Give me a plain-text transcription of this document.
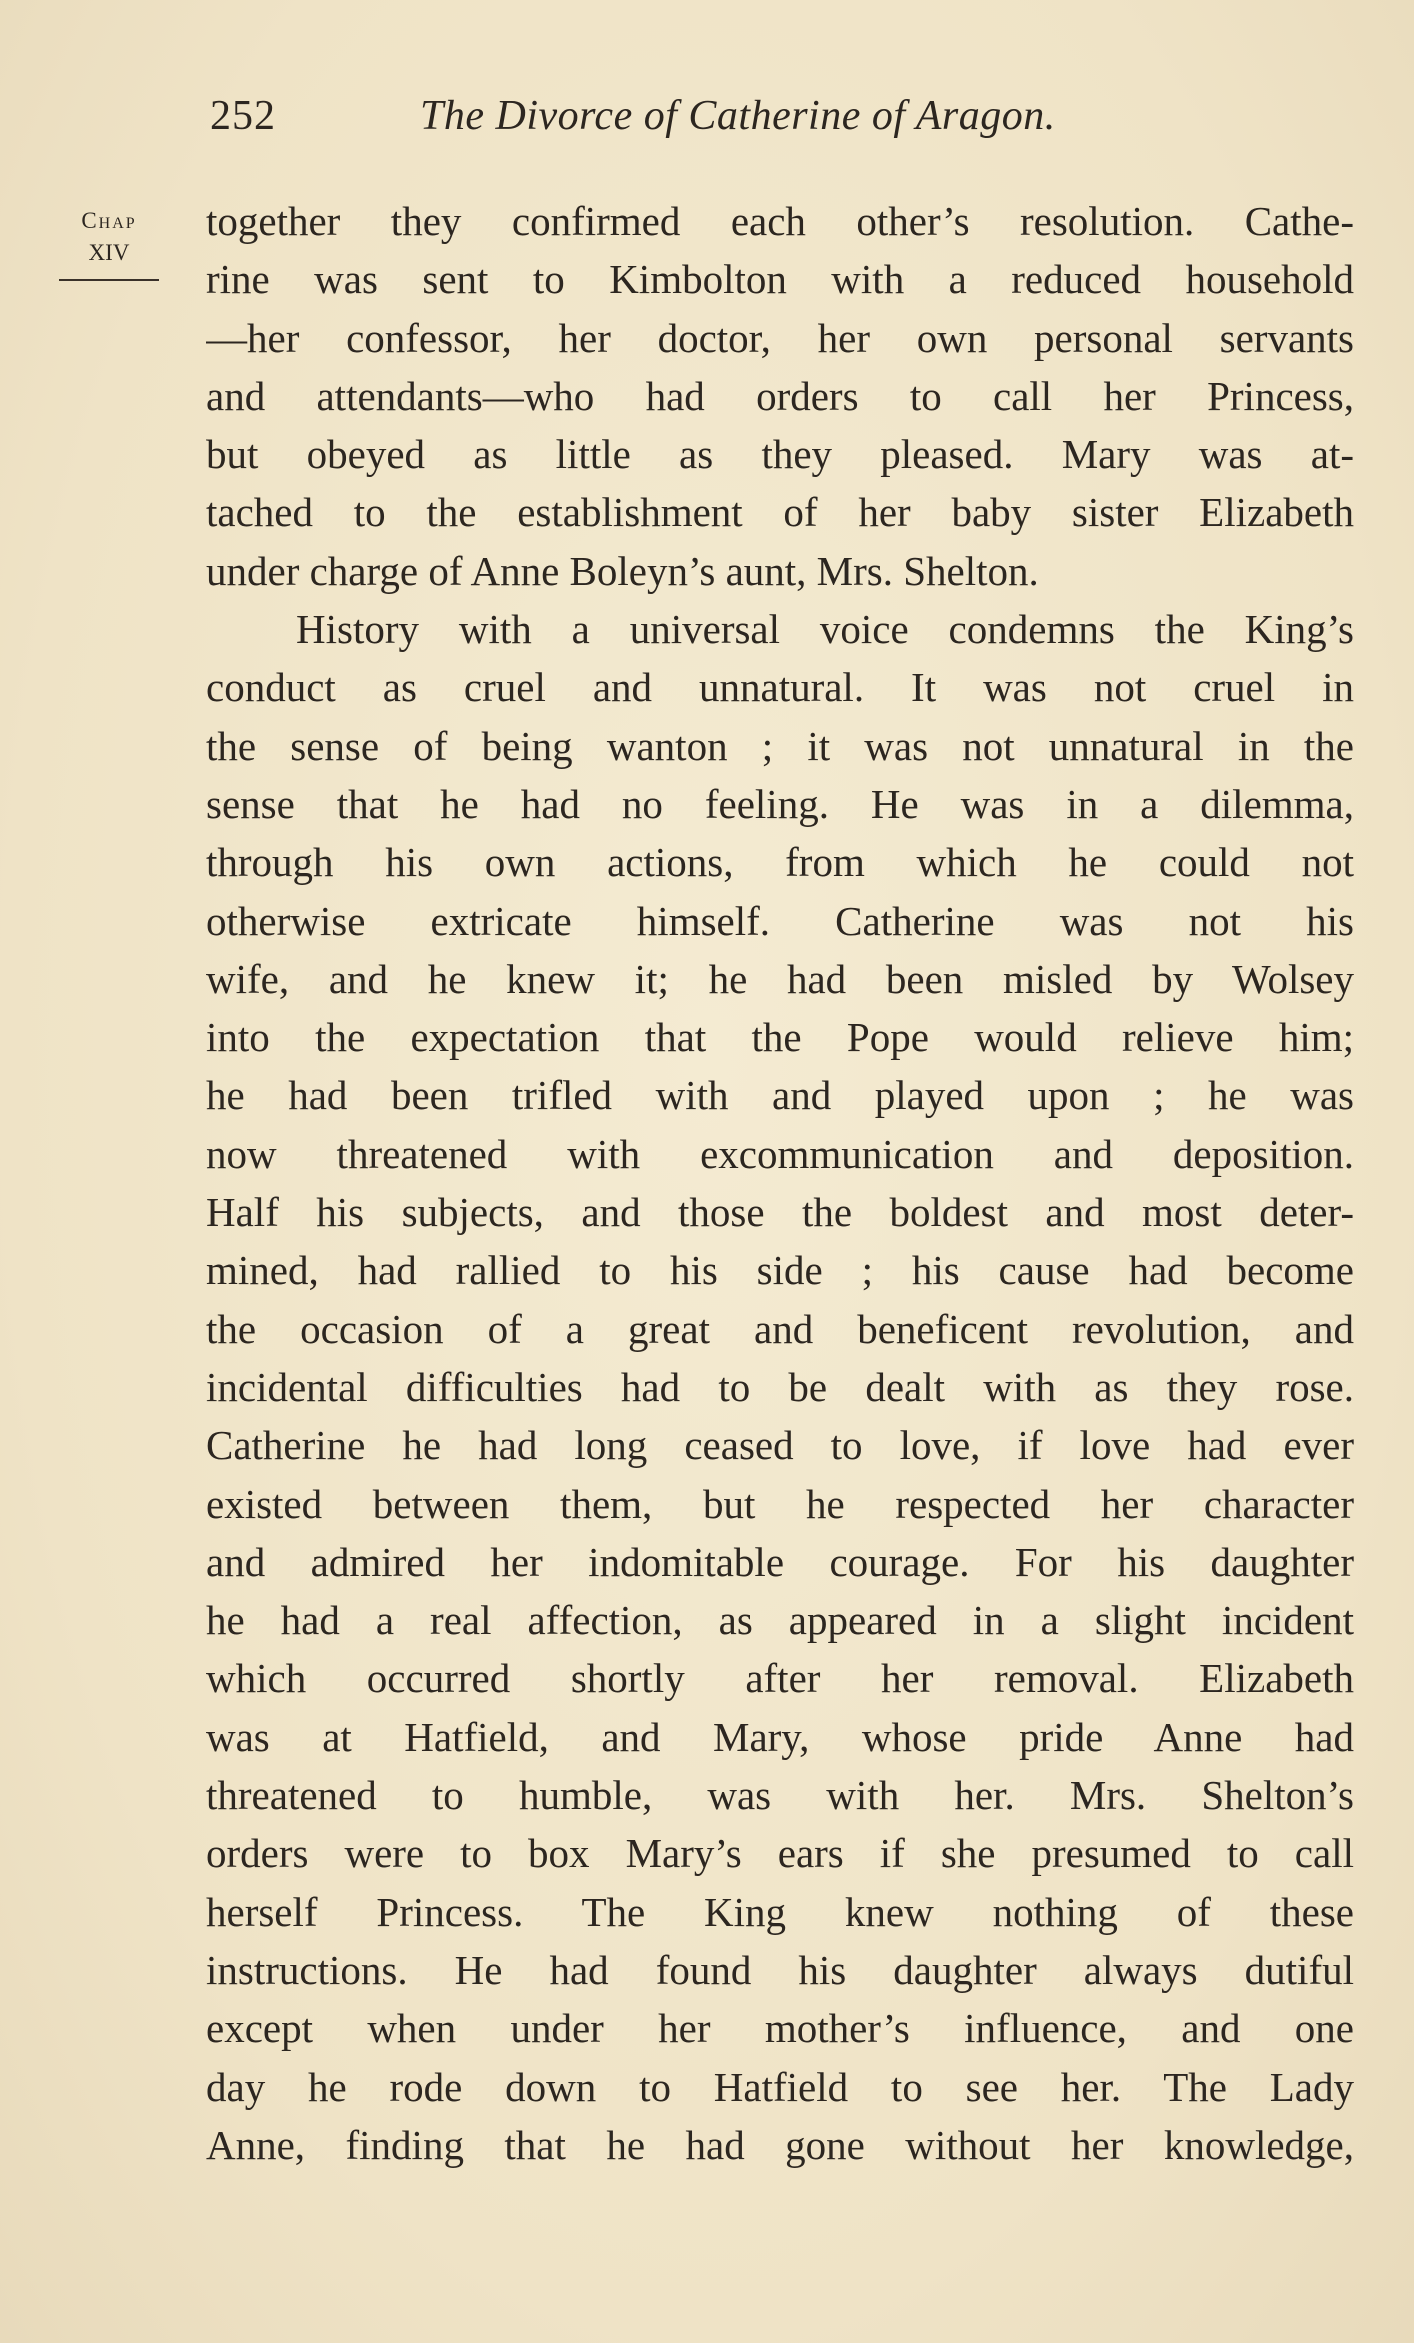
252	The Divorce of Catherine of Aragon.
Chap
XIV
together they confirmed each other’s resolution. Cathe-
rine was sent to Kimbolton with a reduced household
—her confessor, her doctor, her own personal servants
and attendants—who had orders to call her Princess,
but obeyed as little as they pleased. Mary was at-
tached to the establishment of her baby sister Elizabeth
under charge of Anne Boleyn’s aunt, Mrs. Shelton.
History with a universal voice condemns the King’s
conduct as cruel and unnatural. It was not cruel in
the sense of being wanton ; it was not unnatural in the
sense that he had no feeling. He was in a dilemma,
through his own actions, from which he could not
otherwise extricate himself. Catherine was not his
wife, and he knew it; he had been misled by Wolsey
into the expectation that the Pope would relieve him;
he had been trifled with and played upon ; he was
now threatened with excommunication and deposition.
Half his subjects, and those the boldest and most deter-
mined, had rallied to his side ; his cause had become
the occasion of a great and beneficent revolution, and
incidental difficulties had to be dealt with as they rose.
Catherine he had long ceased to love, if love had ever
existed between them, but he respected her character
and admired her indomitable courage. For his daughter
he had a real affection, as appeared in a slight incident
which occurred shortly after her removal. Elizabeth
was at Hatfield, and Mary, whose pride Anne had
threatened to humble, was with her. Mrs. Shelton’s
orders were to box Mary’s ears if she presumed to call
herself Princess. The King knew nothing of these
instructions. He had found his daughter always dutiful
except when under her mother’s influence, and one
day he rode down to Hatfield to see her. The Lady
Anne, finding that he had gone without her knowledge,
